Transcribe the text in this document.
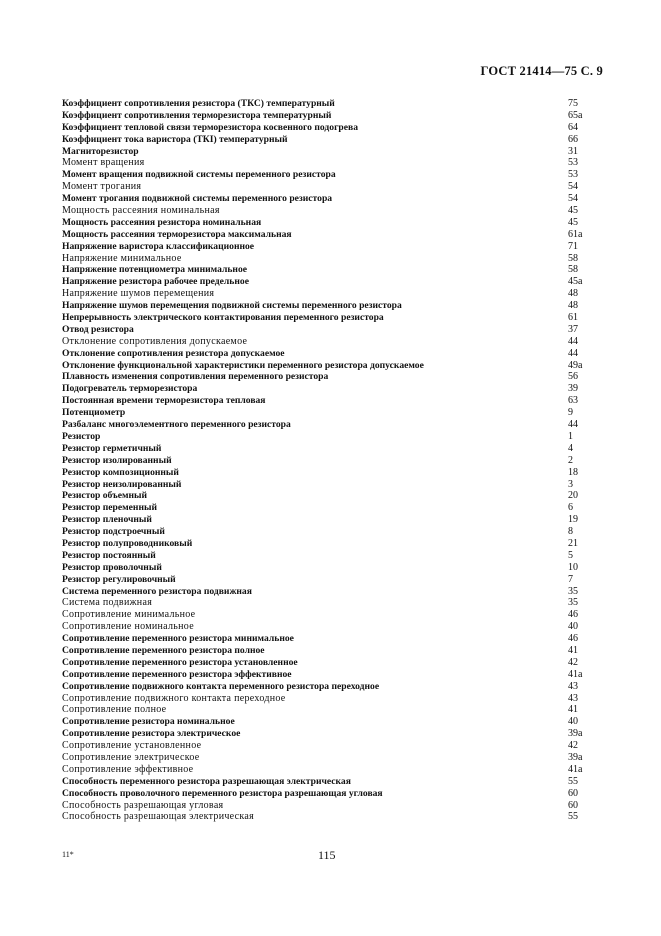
ГОСТ 21414—75 С. 9
Коэффициент сопротивления резистора (ТКС) температурный	75
Коэффициент сопротивления терморезистора температурный	65а
Коэффициент тепловой связи терморезистора косвенного подогрева	64
Коэффициент тока варистора (ТКI) температурный	66
Магниторезистор	31
Момент вращения	53
Момент вращения подвижной системы переменного резистора	53
Момент трогания	54
Момент трогания подвижной системы переменного резистора	54
Мощность рассеяния номинальная	45
Мощность рассеяния резистора номинальная	45
Мощность рассеяния терморезистора максимальная	61а
Напряжение варистора классификационное	71
Напряжение минимальное	58
Напряжение потенциометра минимальное	58
Напряжение резистора рабочее предельное	45а
Напряжение шумов перемещения	48
Напряжение шумов перемещения подвижной системы переменного резистора	48
Непрерывность электрического контактирования переменного резистора	61
Отвод резистора	37
Отклонение сопротивления допускаемое	44
Отклонение сопротивления резистора допускаемое	44
Отклонение функциональной характеристики переменного резистора допускаемое	49а
Плавность изменения сопротивления переменного резистора	56
Подогреватель терморезистора	39
Постоянная времени терморезистора тепловая	63
Потенциометр	9
Разбаланс многоэлементного переменного резистора	44
Резистор	1
Резистор герметичный	4
Резистор изолированный	2
Резистор композиционный	18
Резистор неизолированный	3
Резистор объемный	20
Резистор переменный	6
Резистор пленочный	19
Резистор подстроечный	8
Резистор полупроводниковый	21
Резистор постоянный	5
Резистор проволочный	10
Резистор регулировочный	7
Система переменного резистора подвижная	35
Система подвижная	35
Сопротивление минимальное	46
Сопротивление номинальное	40
Сопротивление переменного резистора минимальное	46
Сопротивление переменного резистора полное	41
Сопротивление переменного резистора установленное	42
Сопротивление переменного резистора эффективное	41а
Сопротивление подвижного контакта переменного резистора переходное	43
Сопротивление подвижного контакта переходное	43
Сопротивление полное	41
Сопротивление резистора номинальное	40
Сопротивление резистора электрическое	39а
Сопротивление установленное	42
Сопротивление электрическое	39а
Сопротивление эффективное	41а
Способность переменного резистора разрешающая электрическая	55
Способность проволочного переменного резистора разрешающая угловая	60
Способность разрешающая угловая	60
Способность разрешающая электрическая	55
11*	115
